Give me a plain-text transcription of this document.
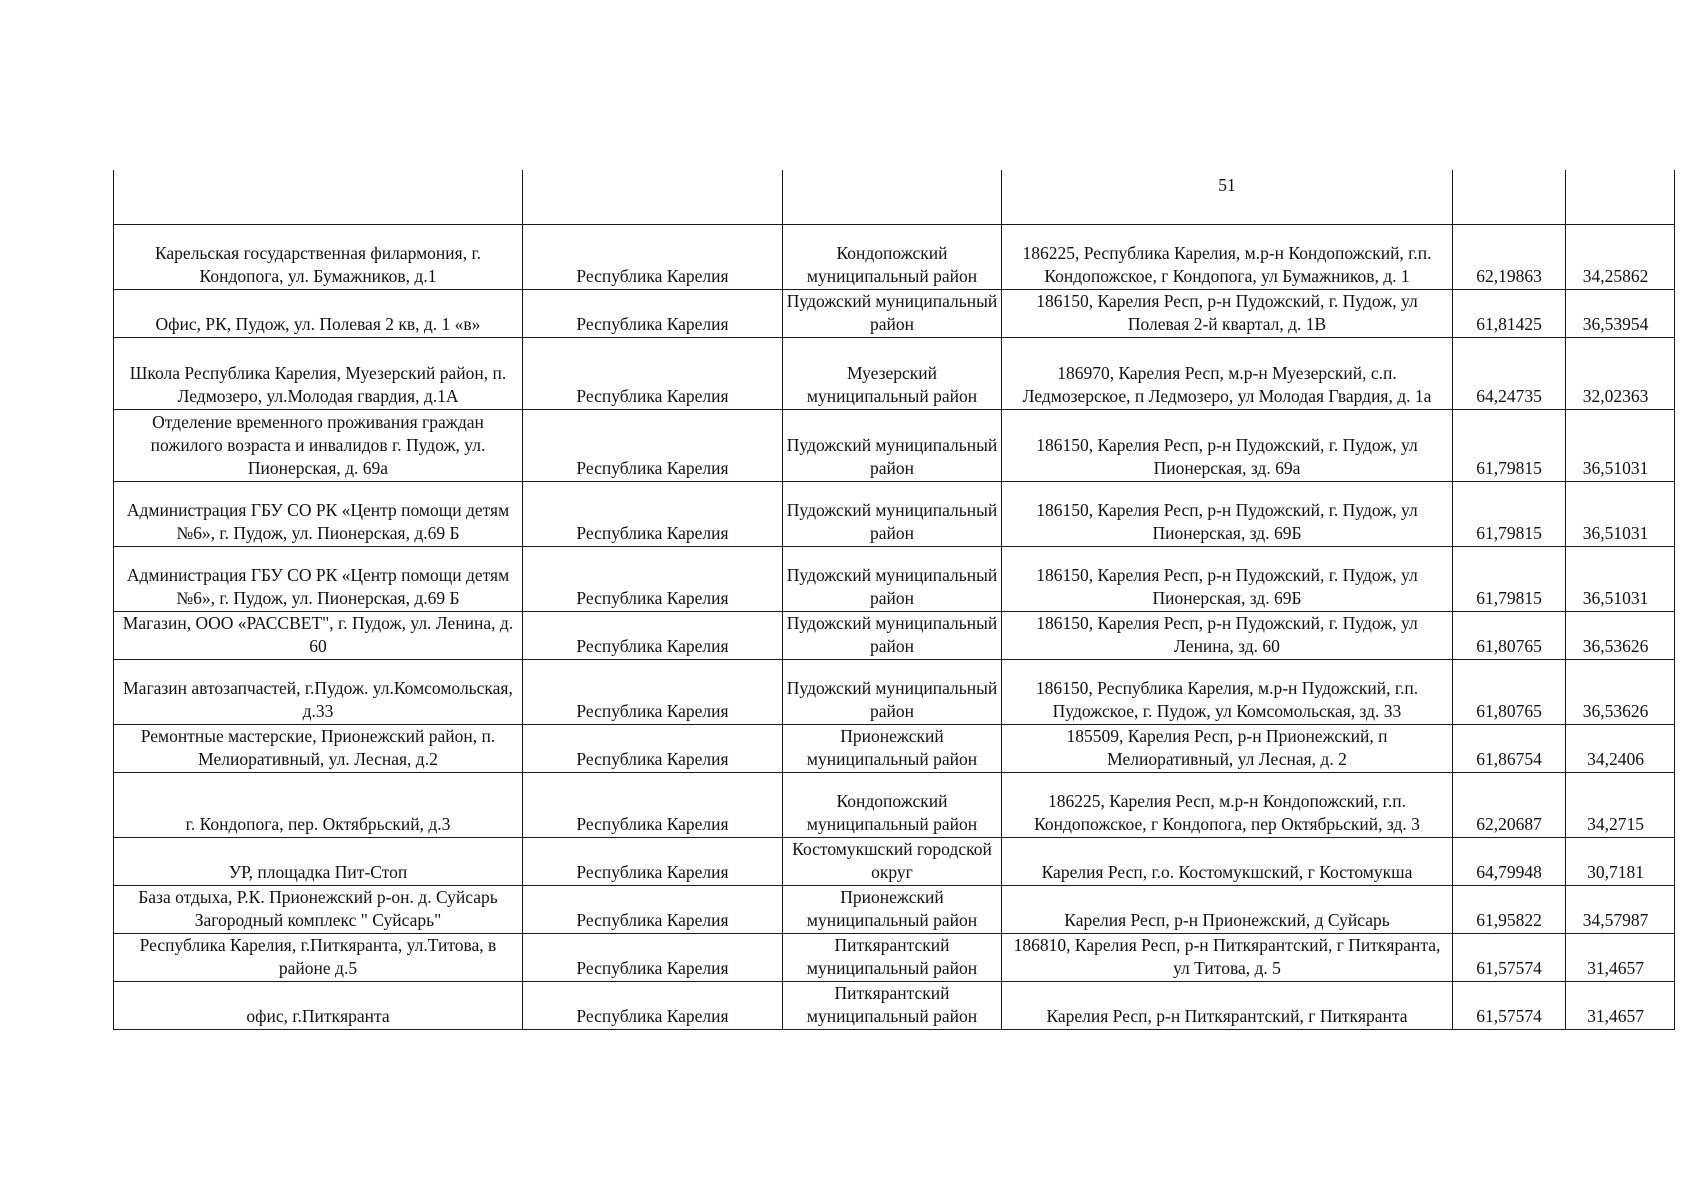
			51		

Карельская государственная филармония, г. Кондопога, ул. Бумажников, д.1	Республика Карелия	Кондопожский муниципальный район	186225, Республика Карелия, м.р-н Кондопожский, г.п. Кондопожское, г Кондопога, ул Бумажников, д. 1	62,19863	34,25862
Офис, РК, Пудож, ул. Полевая 2 кв, д. 1 «в»	Республика Карелия	Пудожский муниципальный район	186150, Карелия Респ, р-н Пудожский, г. Пудож, ул Полевая 2-й квартал, д. 1В	61,81425	36,53954
Школа Республика Карелия, Муезерский район, п. Ледмозеро, ул.Молодая гвардия, д.1А	Республика Карелия	Муезерский муниципальный район	186970, Карелия Респ, м.р-н Муезерский, с.п. Ледмозерское, п Ледмозеро, ул Молодая Гвардия, д. 1а	64,24735	32,02363
Отделение временного проживания граждан пожилого возраста и инвалидов г. Пудож, ул. Пионерская, д. 69а	Республика Карелия	Пудожский муниципальный район	186150, Карелия Респ, р-н Пудожский, г. Пудож, ул Пионерская, зд. 69а	61,79815	36,51031
Администрация ГБУ СО РК «Центр помощи детям №6», г. Пудож, ул. Пионерская, д.69 Б	Республика Карелия	Пудожский муниципальный район	186150, Карелия Респ, р-н Пудожский, г. Пудож, ул Пионерская, зд. 69Б	61,79815	36,51031
Администрация ГБУ СО РК «Центр помощи детям №6», г. Пудож, ул. Пионерская, д.69 Б	Республика Карелия	Пудожский муниципальный район	186150, Карелия Респ, р-н Пудожский, г. Пудож, ул Пионерская, зд. 69Б	61,79815	36,51031
Магазин, ООО «РАССВЕТ", г. Пудож, ул. Ленина, д. 60	Республика Карелия	Пудожский муниципальный район	186150, Карелия Респ, р-н Пудожский, г. Пудож, ул Ленина, зд. 60	61,80765	36,53626
Магазин автозапчастей, г.Пудож. ул.Комсомольская, д.33	Республика Карелия	Пудожский муниципальный район	186150, Республика Карелия, м.р-н Пудожский, г.п. Пудожское, г. Пудож, ул Комсомольская, зд. 33	61,80765	36,53626
Ремонтные мастерские, Прионежский район, п. Мелиоративный, ул. Лесная, д.2	Республика Карелия	Прионежский муниципальный район	185509, Карелия Респ, р-н Прионежский, п Мелиоративный, ул Лесная, д. 2	61,86754	34,2406
г. Кондопога, пер. Октябрьский, д.3	Республика Карелия	Кондопожский муниципальный район	186225, Карелия Респ, м.р-н Кондопожский, г.п. Кондопожское, г Кондопога, пер Октябрьский, зд. 3	62,20687	34,2715
УР, площадка Пит-Стоп	Республика Карелия	Костомукшский городской округ	Карелия Респ, г.о. Костомукшский, г Костомукша	64,79948	30,7181
База отдыха, Р.К. Прионежский р-он. д. Суйсарь Загородный комплекс " Суйсарь"	Республика Карелия	Прионежский муниципальный район	Карелия Респ, р-н Прионежский, д Суйсарь	61,95822	34,57987
Республика Карелия, г.Питкяранта, ул.Титова, в районе д.5	Республика Карелия	Питкярантский муниципальный район	186810, Карелия Респ, р-н Питкярантский, г Питкяранта, ул Титова, д. 5	61,57574	31,4657
офис, г.Питкяранта	Республика Карелия	Питкярантский муниципальный район	Карелия Респ, р-н Питкярантский, г Питкяранта	61,57574	31,4657
